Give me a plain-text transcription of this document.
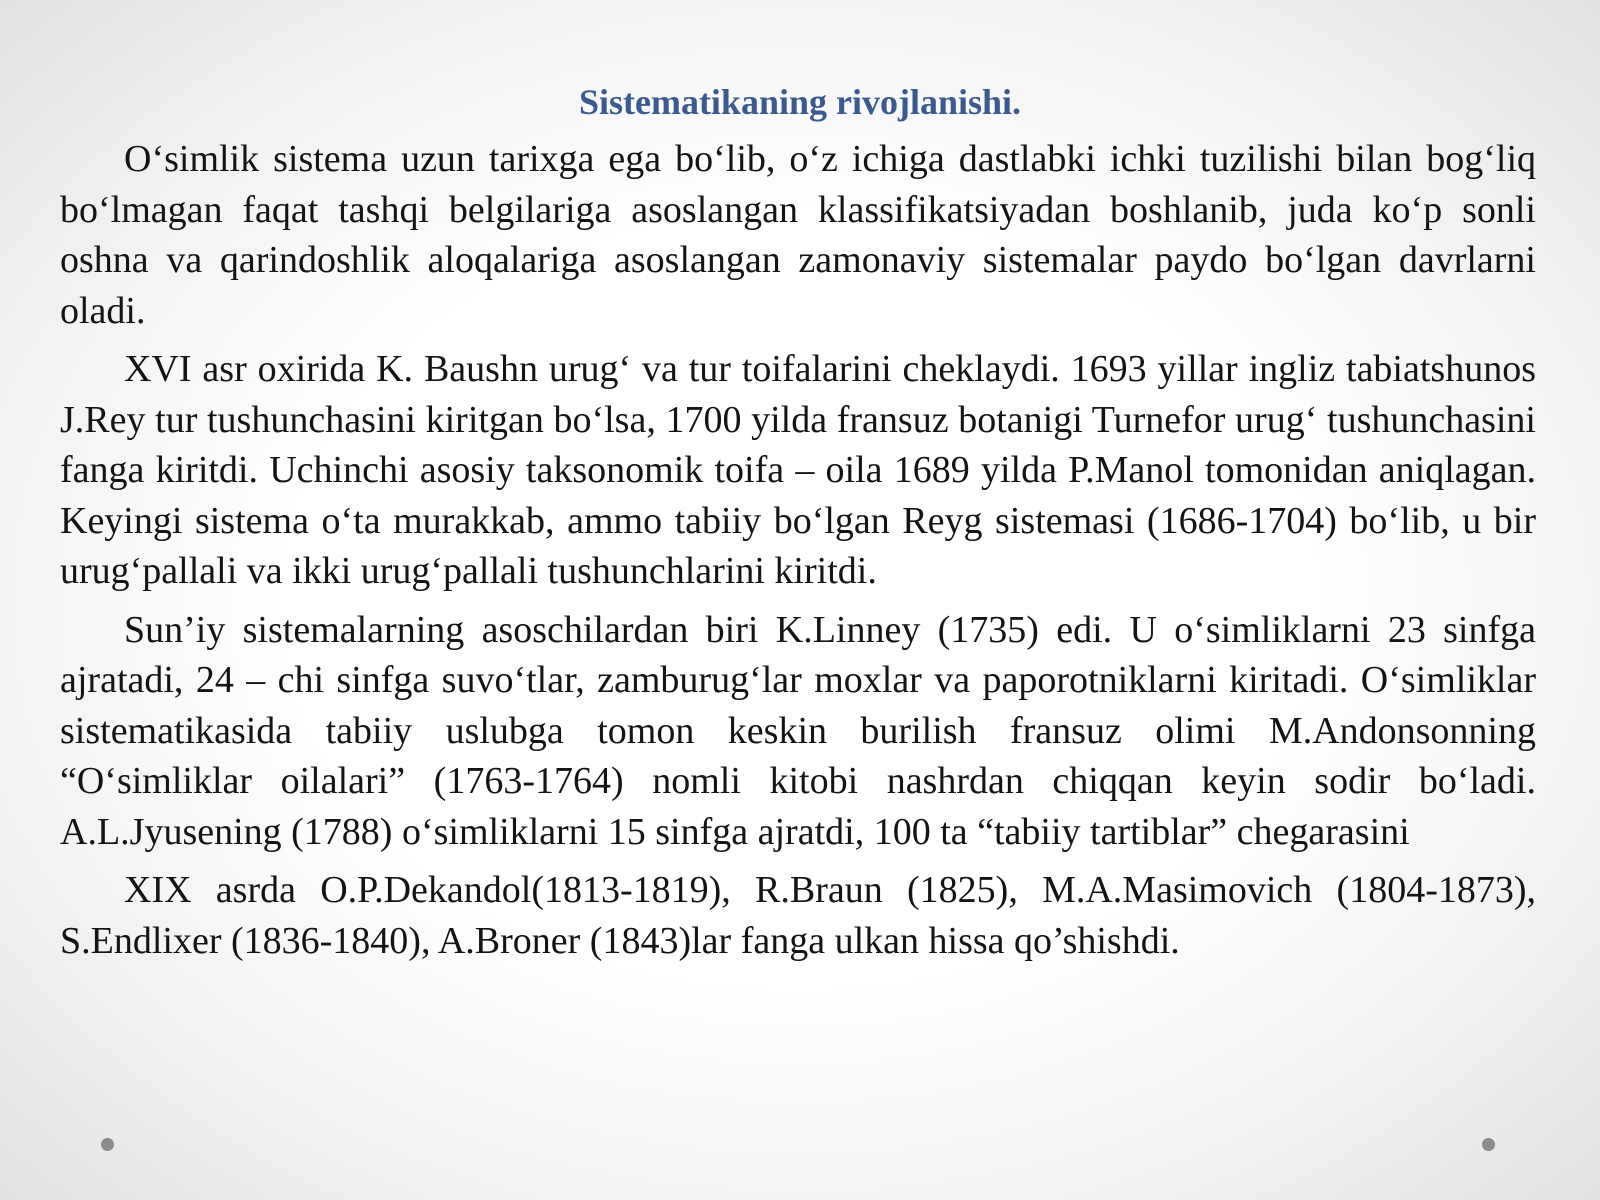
Sistematikaning rivojlanishi.

O‘simlik sistema uzun tarixga ega bo‘lib, o‘z ichiga dastlabki ichki tuzilishi bilan bog‘liq bo‘lmagan faqat tashqi belgilariga asoslangan klassifikatsiyadan boshlanib, juda ko‘p sonli oshna va qarindoshlik aloqalariga asoslangan zamonaviy sistemalar paydo bo‘lgan davrlarni oladi.

XVI asr oxirida K. Baushn urug‘ va tur toifalarini cheklaydi. 1693 yillar ingliz tabiatshunos J.Rey tur tushunchasini kiritgan bo‘lsa, 1700 yilda fransuz botanigi Turnefor urug‘ tushunchasini fanga kiritdi. Uchinchi asosiy taksonomik toifa – oila 1689 yilda P.Manol tomonidan aniqlagan. Keyingi sistema o‘ta murakkab, ammo tabiiy bo‘lgan Reyg sistemasi (1686-1704) bo‘lib, u bir urug‘pallali va ikki urug‘pallali tushunchlarini kiritdi.

Sun’iy sistemalarning asoschilardan biri K.Linney (1735) edi. U o‘simliklarni 23 sinfga ajratadi, 24 – chi sinfga suvo‘tlar, zamburug‘lar moxlar va paporotniklarni kiritadi. O‘simliklar sistematikasida tabiiy uslubga tomon keskin burilish fransuz olimi M.Andonsonning “O‘simliklar oilalari” (1763-1764) nomli kitobi nashrdan chiqqan keyin sodir bo‘ladi. A.L.Jyusening (1788) o‘simliklarni 15 sinfga ajratdi, 100 ta “tabiiy tartiblar” chegarasini

XIX asrda O.P.Dekandol(1813-1819), R.Braun (1825), M.A.Masimovich (1804-1873), S.Endlixer (1836-1840), A.Broner (1843)lar fanga ulkan hissa qo’shishdi.
